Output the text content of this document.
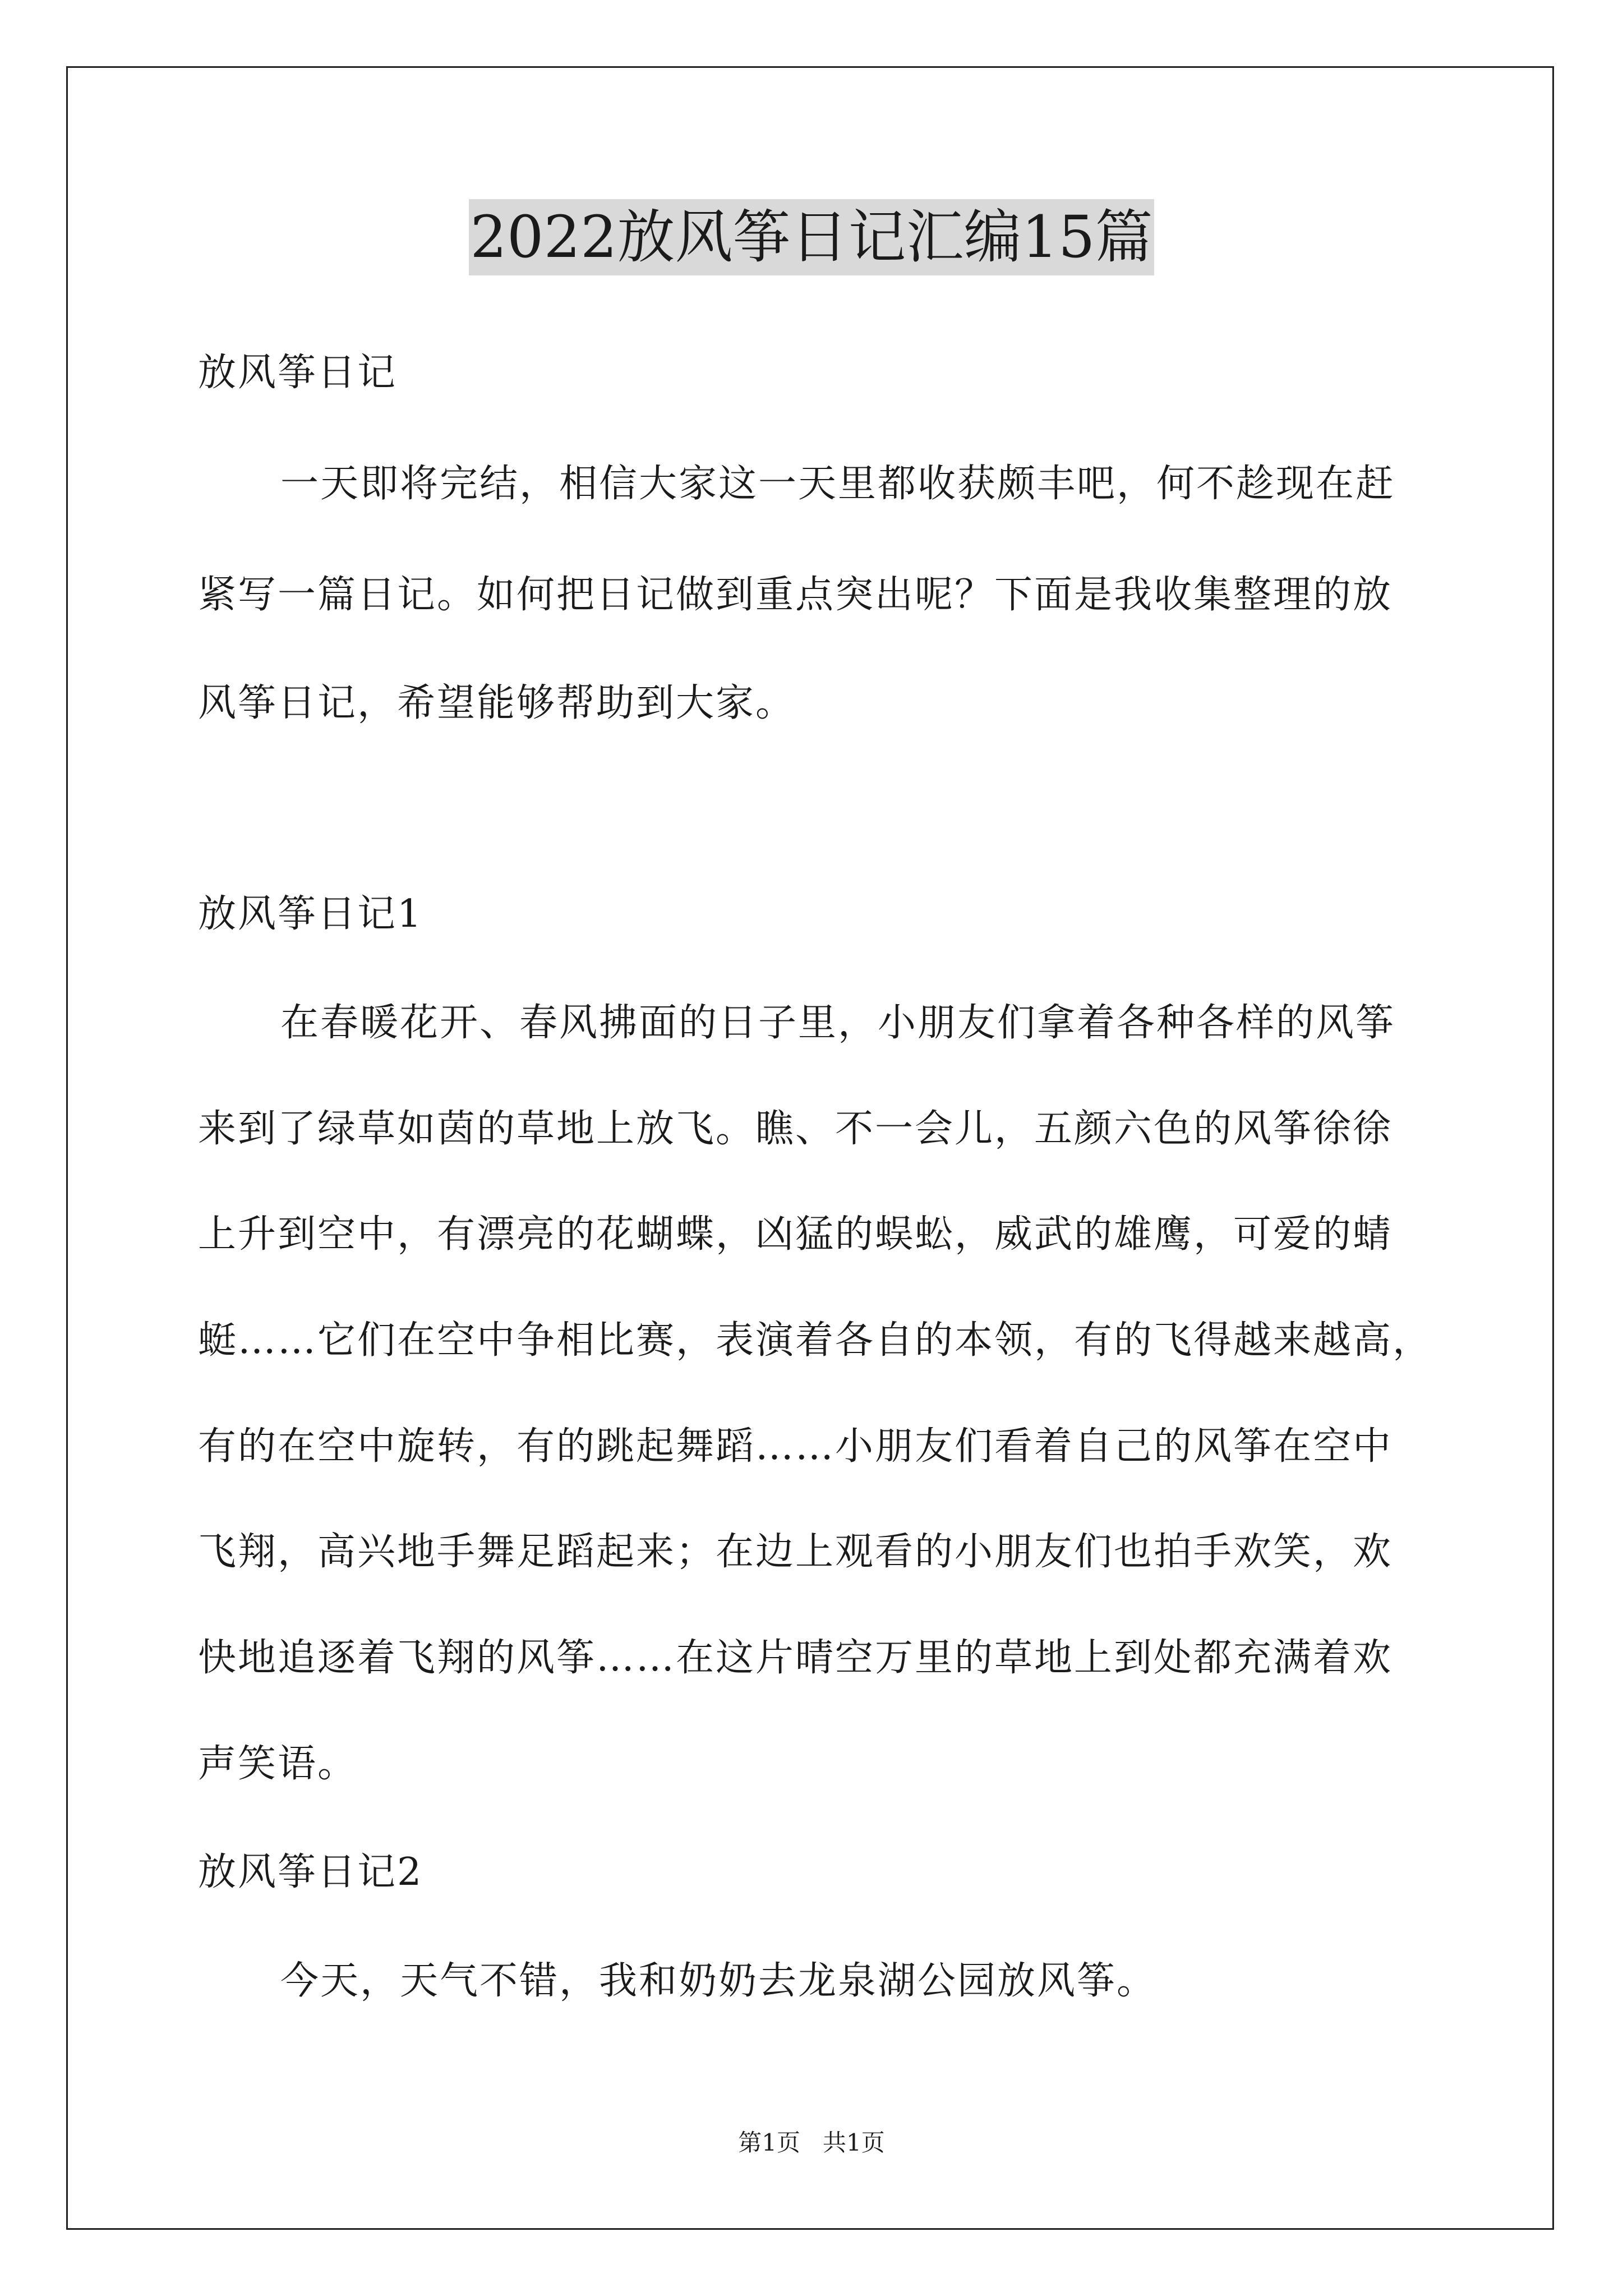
2022放风筝日记汇编15篇
放风筝日记
一天即将完结，相信大家这一天里都收获颇丰吧，何不趁现在赶
紧写一篇日记。如何把日记做到重点突出呢？下面是我收集整理的放
风筝日记，希望能够帮助到大家。
放风筝日记1
在春暖花开、春风拂面的日子里，小朋友们拿着各种各样的风筝
来到了绿草如茵的草地上放飞。瞧、不一会儿，五颜六色的风筝徐徐
上升到空中，有漂亮的花蝴蝶，凶猛的蜈蚣，威武的雄鹰，可爱的蜻
蜓……它们在空中争相比赛，表演着各自的本领，有的飞得越来越高，
有的在空中旋转，有的跳起舞蹈……小朋友们看着自己的风筝在空中
飞翔，高兴地手舞足蹈起来；在边上观看的小朋友们也拍手欢笑，欢
快地追逐着飞翔的风筝……在这片晴空万里的草地上到处都充满着欢
声笑语。
放风筝日记2
今天，天气不错，我和奶奶去龙泉湖公园放风筝。
第1页   共1页
